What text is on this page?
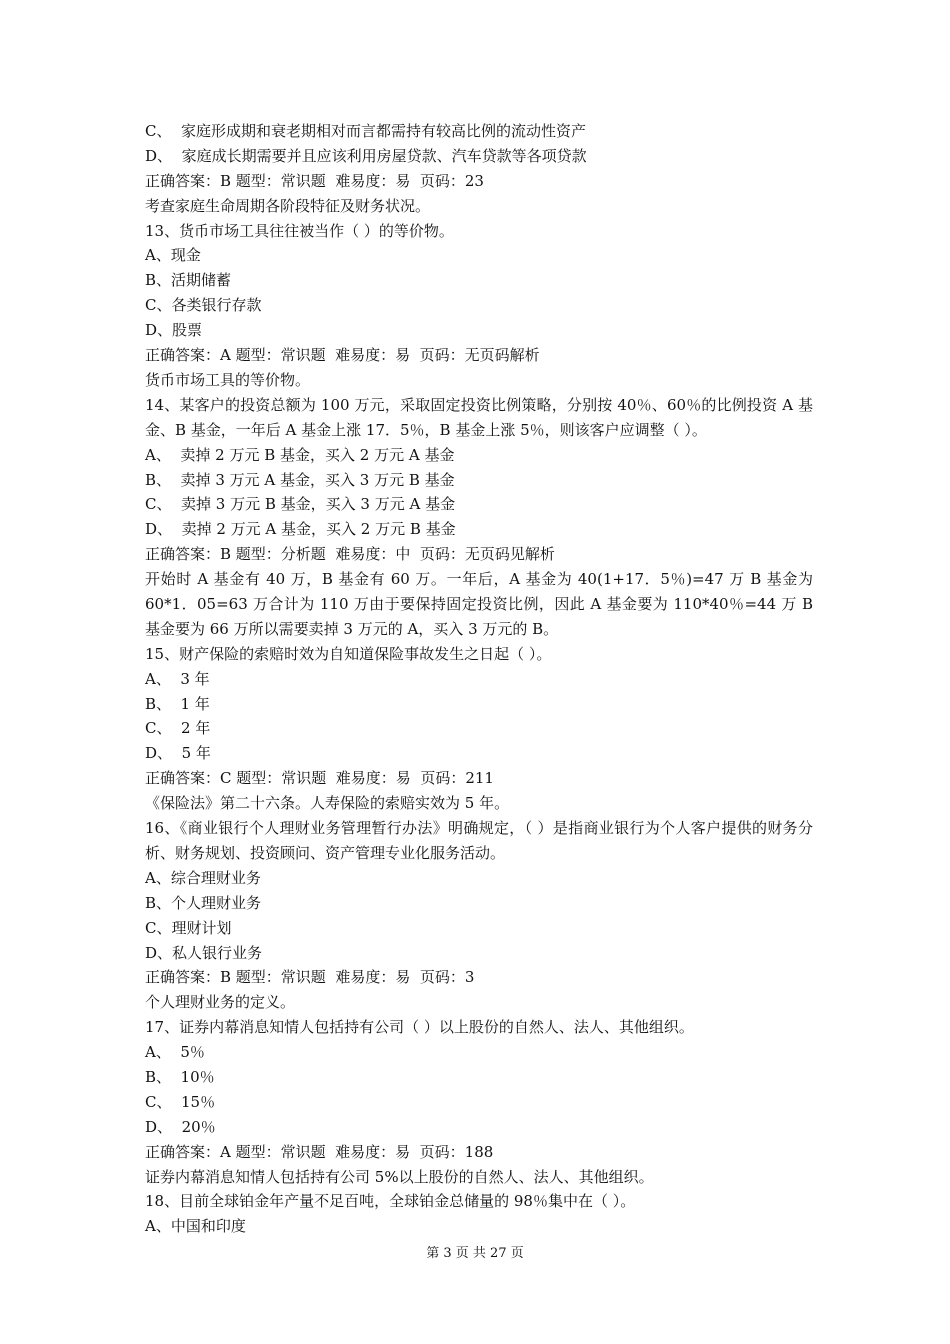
C、  家庭形成期和衰老期相对而言都需持有较高比例的流动性资产
D、  家庭成长期需要并且应该利用房屋贷款、汽车贷款等各项贷款
正确答案：B 题型：常识题  难易度：易  页码：23
考查家庭生命周期各阶段特征及财务状况。
13、货币市场工具往往被当作（ ）的等价物。
A、现金
B、活期储蓄
C、各类银行存款
D、股票
正确答案：A 题型：常识题  难易度：易  页码：无页码解析
货币市场工具的等价物。
14、某客户的投资总额为 100 万元，采取固定投资比例策略，分别按 40％、60％的比例投资 A 基金、B 基金，一年后 A 基金上涨 17．5％，B 基金上涨 5％，则该客户应调整（ ）。
A、  卖掉 2 万元 B 基金，买入 2 万元 A 基金
B、  卖掉 3 万元 A 基金，买入 3 万元 B 基金
C、  卖掉 3 万元 B 基金，买入 3 万元 A 基金
D、  卖掉 2 万元 A 基金，买入 2 万元 B 基金
正确答案：B 题型：分析题  难易度：中  页码：无页码见解析
开始时 A 基金有 40 万，B 基金有 60 万。一年后，A 基金为 40(1+17．5％)=47 万 B 基金为 60*1．05=63 万合计为 110 万由于要保持固定投资比例，因此 A 基金要为 110*40％=44 万 B 基金要为 66 万所以需要卖掉 3 万元的 A，买入 3 万元的 B。
15、财产保险的索赔时效为自知道保险事故发生之日起（ ）。
A、  3 年
B、  1 年
C、  2 年
D、  5 年
正确答案：C 题型：常识题  难易度：易  页码：211
《保险法》第二十六条。人寿保险的索赔实效为 5 年。
16、《商业银行个人理财业务管理暂行办法》明确规定，（ ）是指商业银行为个人客户提供的财务分析、财务规划、投资顾问、资产管理专业化服务活动。
A、综合理财业务
B、个人理财业务
C、理财计划
D、私人银行业务
正确答案：B 题型：常识题  难易度：易  页码：3
个人理财业务的定义。
17、证券内幕消息知情人包括持有公司（ ）以上股份的自然人、法人、其他组织。
A、  5％
B、  10％
C、  15％
D、  20％
正确答案：A 题型：常识题  难易度：易  页码：188
证券内幕消息知情人包括持有公司 5%以上股份的自然人、法人、其他组织。
18、目前全球铂金年产量不足百吨，全球铂金总储量的 98％集中在（ ）。
A、中国和印度
第 3 页 共 27 页
